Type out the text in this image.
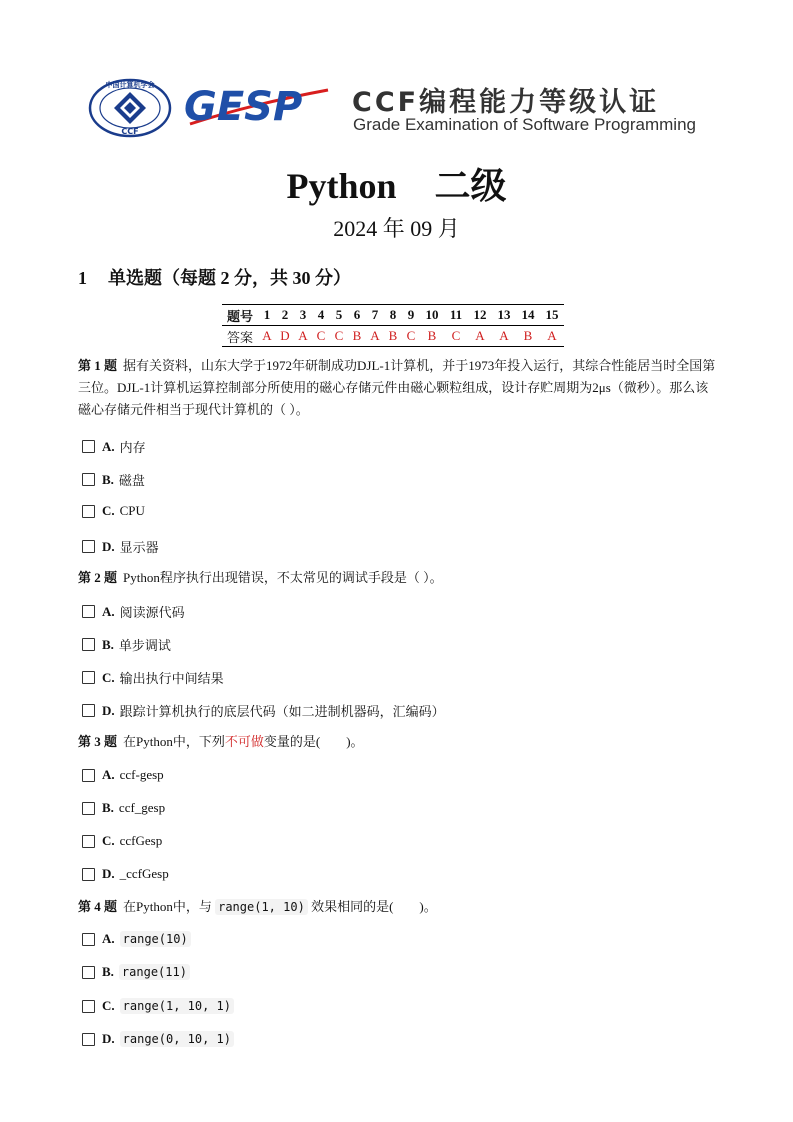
中国计算机学会
CCF
GESP CCF编程能力等级认证
Grade Examination of Software Programming
Python 二级
2024 年 09 月
1 单选题（每题 2 分，共 30 分）
题号	1	2	3	4	5	6	7	8	9	10	11	12	13	14	15
答案	A	D	A	C	C	B	A	B	C	B	C	A	A	B	A
第 1 题 据有关资料，山东大学于1972年研制成功DJL-1计算机，并于1973年投入运行，其综合性能居当时全国第三位。DJL-1计算机运算控制部分所使用的磁心存储元件由磁心颗粒组成，设计存贮周期为2μs（微秒）。那么该磁心存储元件相当于现代计算机的（ ）。
A. 内存
B. 磁盘
C. CPU
D. 显示器
第 2 题 Python程序执行出现错误，不太常见的调试手段是（ ）。
A. 阅读源代码
B. 单步调试
C. 输出执行中间结果
D. 跟踪计算机执行的底层代码（如二进制机器码，汇编码）
第 3 题 在Python中，下列不可做变量的是(　　)。
A. ccf-gesp
B. ccf_gesp
C. ccfGesp
D. _ccfGesp
第 4 题 在Python中，与 range(1, 10) 效果相同的是(　　)。
A. range(10)
B. range(11)
C. range(1, 10, 1)
D. range(0, 10, 1)
